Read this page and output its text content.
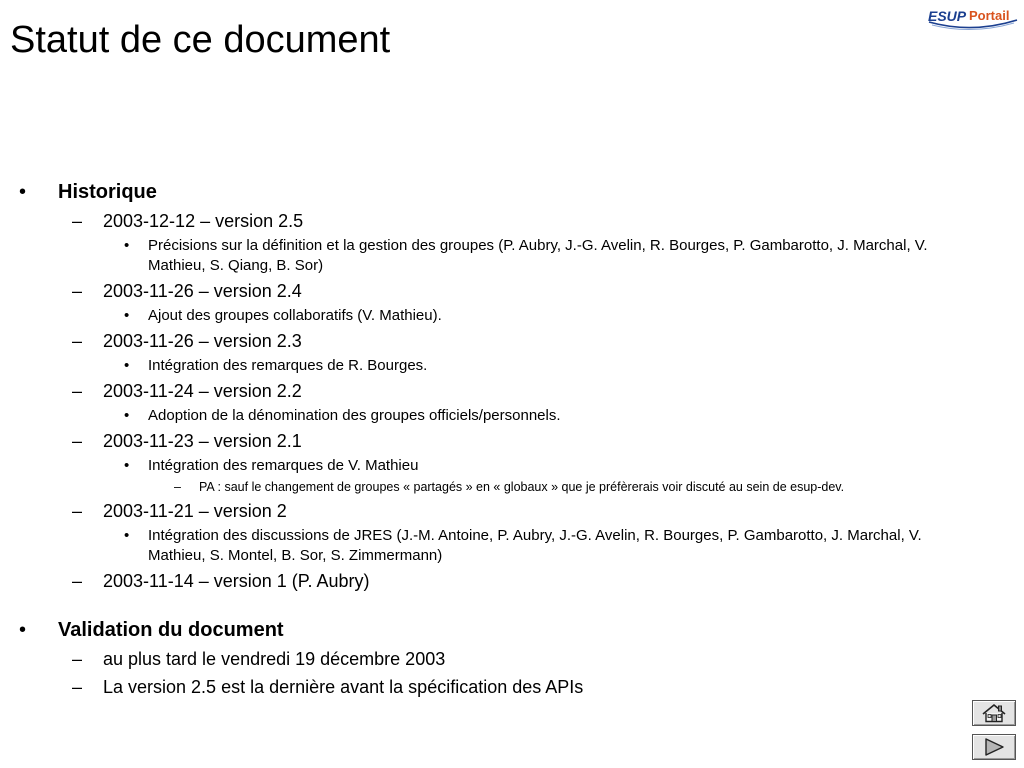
Statut de ce document
ESUP Portail
• Historique
– 2003-12-12 – version 2.5
• Précisions sur la définition et la gestion des groupes (P. Aubry, J.-G. Avelin, R. Bourges, P. Gambarotto, J. Marchal, V. Mathieu, S. Qiang, B. Sor)
– 2003-11-26 – version 2.4
• Ajout des groupes collaboratifs (V. Mathieu).
– 2003-11-26 – version 2.3
• Intégration des remarques de R. Bourges.
– 2003-11-24 – version 2.2
• Adoption de la dénomination des groupes officiels/personnels.
– 2003-11-23 – version 2.1
• Intégration des remarques de V. Mathieu
– PA : sauf le changement de groupes « partagés » en « globaux » que je préfèrerais voir discuté au sein de esup-dev.
– 2003-11-21 – version 2
• Intégration des discussions de JRES (J.-M. Antoine, P. Aubry, J.-G. Avelin, R. Bourges, P. Gambarotto, J. Marchal, V. Mathieu, S. Montel, B. Sor, S. Zimmermann)
– 2003-11-14 – version 1 (P. Aubry)
• Validation du document
– au plus tard le vendredi 19 décembre 2003
– La version 2.5 est la dernière avant la spécification des APIs
